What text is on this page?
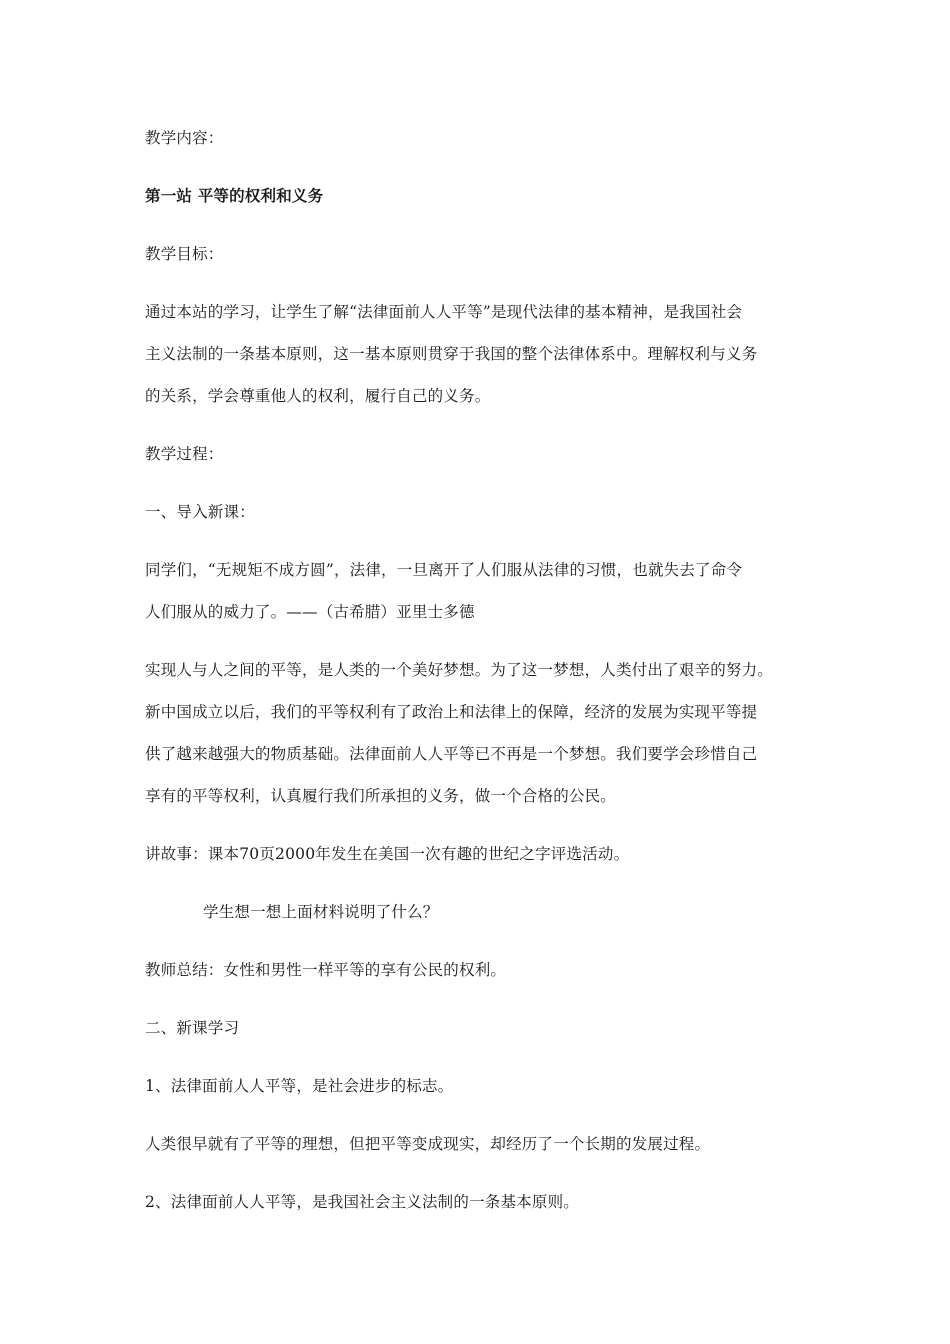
教学内容：
第一站 平等的权利和义务
教学目标：
通过本站的学习，让学生了解“法律面前人人平等”是现代法律的基本精神，是我国社会
主义法制的一条基本原则，这一基本原则贯穿于我国的整个法律体系中。理解权利与义务
的关系，学会尊重他人的权利，履行自己的义务。
教学过程：
一、导入新课：
同学们，“无规矩不成方圆”，法律，一旦离开了人们服从法律的习惯，也就失去了命令
人们服从的威力了。——（古希腊）亚里士多德
实现人与人之间的平等，是人类的一个美好梦想。为了这一梦想，人类付出了艰辛的努力。
新中国成立以后，我们的平等权利有了政治上和法律上的保障，经济的发展为实现平等提
供了越来越强大的物质基础。法律面前人人平等已不再是一个梦想。我们要学会珍惜自己
享有的平等权利，认真履行我们所承担的义务，做一个合格的公民。
讲故事：课本70页2000年发生在美国一次有趣的世纪之字评选活动。
学生想一想上面材料说明了什么？
教师总结：女性和男性一样平等的享有公民的权利。
二、新课学习
1、法律面前人人平等，是社会进步的标志。
人类很早就有了平等的理想，但把平等变成现实，却经历了一个长期的发展过程。
2、法律面前人人平等，是我国社会主义法制的一条基本原则。
